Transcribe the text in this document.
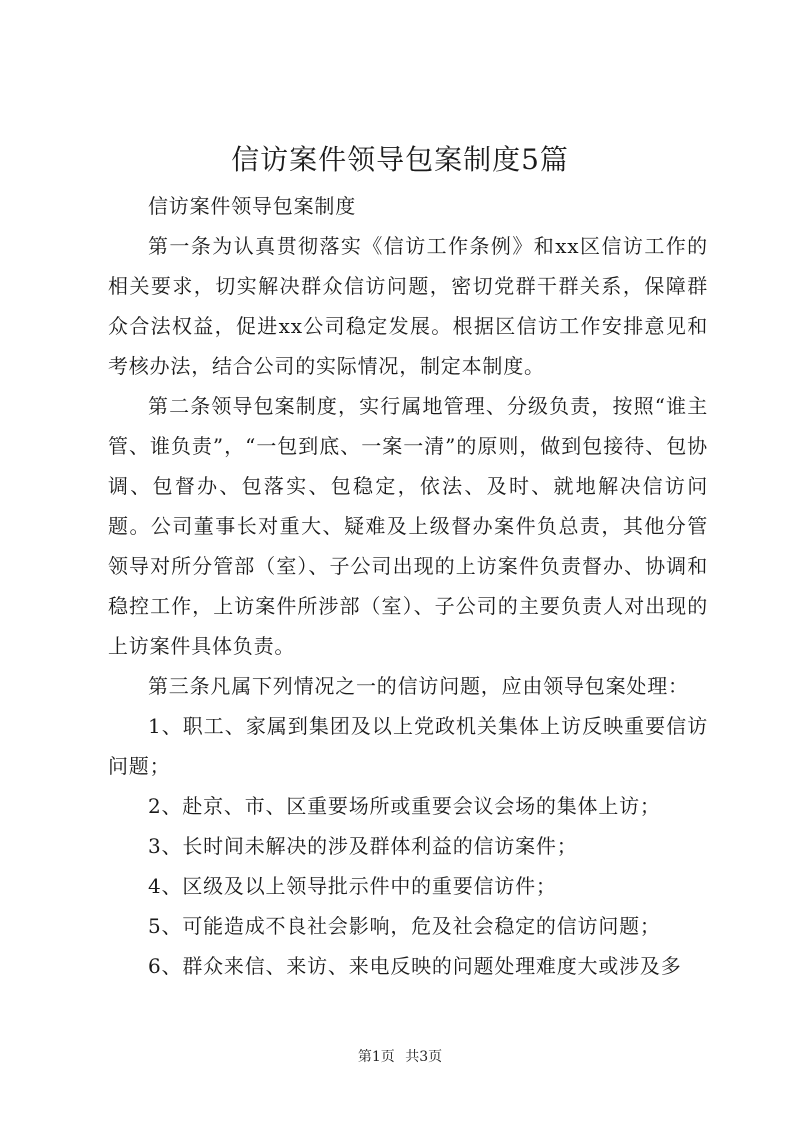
信访案件领导包案制度5篇

信访案件领导包案制度

第一条为认真贯彻落实《信访工作条例》和xx区信访工作的相关要求，切实解决群众信访问题，密切党群干群关系，保障群众合法权益，促进xx公司稳定发展。根据区信访工作安排意见和考核办法，结合公司的实际情况，制定本制度。

第二条领导包案制度，实行属地管理、分级负责，按照“谁主管、谁负责”，“一包到底、一案一清”的原则，做到包接待、包协调、包督办、包落实、包稳定，依法、及时、就地解决信访问题。公司董事长对重大、疑难及上级督办案件负总责，其他分管领导对所分管部（室）、子公司出现的上访案件负责督办、协调和稳控工作，上访案件所涉部（室）、子公司的主要负责人对出现的上访案件具体负责。

第三条凡属下列情况之一的信访问题，应由领导包案处理：

1、职工、家属到集团及以上党政机关集体上访反映重要信访问题；

2、赴京、市、区重要场所或重要会议会场的集体上访；

3、长时间未解决的涉及群体利益的信访案件；

4、区级及以上领导批示件中的重要信访件；

5、可能造成不良社会影响，危及社会稳定的信访问题；

6、群众来信、来访、来电反映的问题处理难度大或涉及多

第1页 共3页
